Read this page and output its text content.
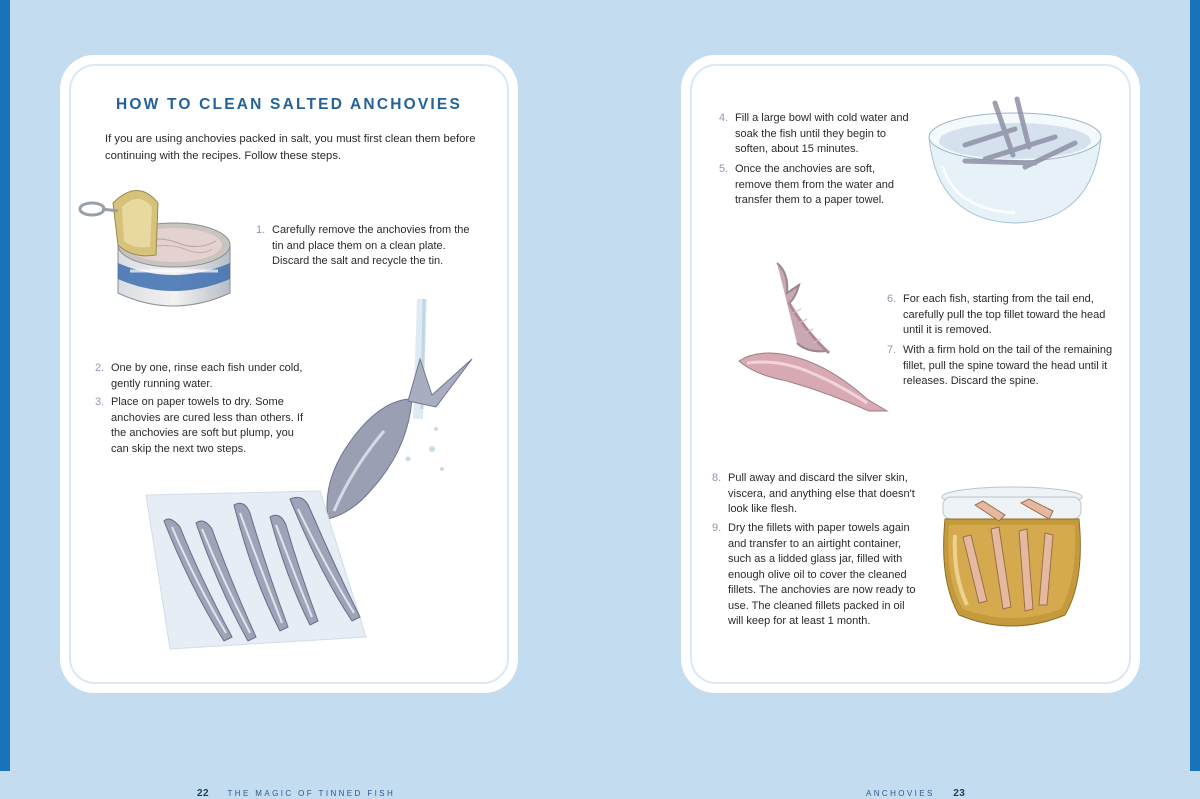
HOW TO CLEAN SALTED ANCHOVIES
If you are using anchovies packed in salt, you must first clean them before continuing with the recipes. Follow these steps.
1. Carefully remove the anchovies from the tin and place them on a clean plate. Discard the salt and recycle the tin.
2. One by one, rinse each fish under cold, gently running water.
3. Place on paper towels to dry. Some anchovies are cured less than others. If the anchovies are soft but plump, you can skip the next two steps.
22 THE MAGIC OF TINNED FISH
4. Fill a large bowl with cold water and soak the fish until they begin to soften, about 15 minutes.
5. Once the anchovies are soft, remove them from the water and transfer them to a paper towel.
6. For each fish, starting from the tail end, carefully pull the top fillet toward the head until it is removed.
7. With a firm hold on the tail of the remaining fillet, pull the spine toward the head until it releases. Discard the spine.
8. Pull away and discard the silver skin, viscera, and anything else that doesn't look like flesh.
9. Dry the fillets with paper towels again and transfer to an airtight container, such as a lidded glass jar, filled with enough olive oil to cover the cleaned fillets. The anchovies are now ready to use. The cleaned fillets packed in oil will keep for at least 1 month.
ANCHOVIES 23
